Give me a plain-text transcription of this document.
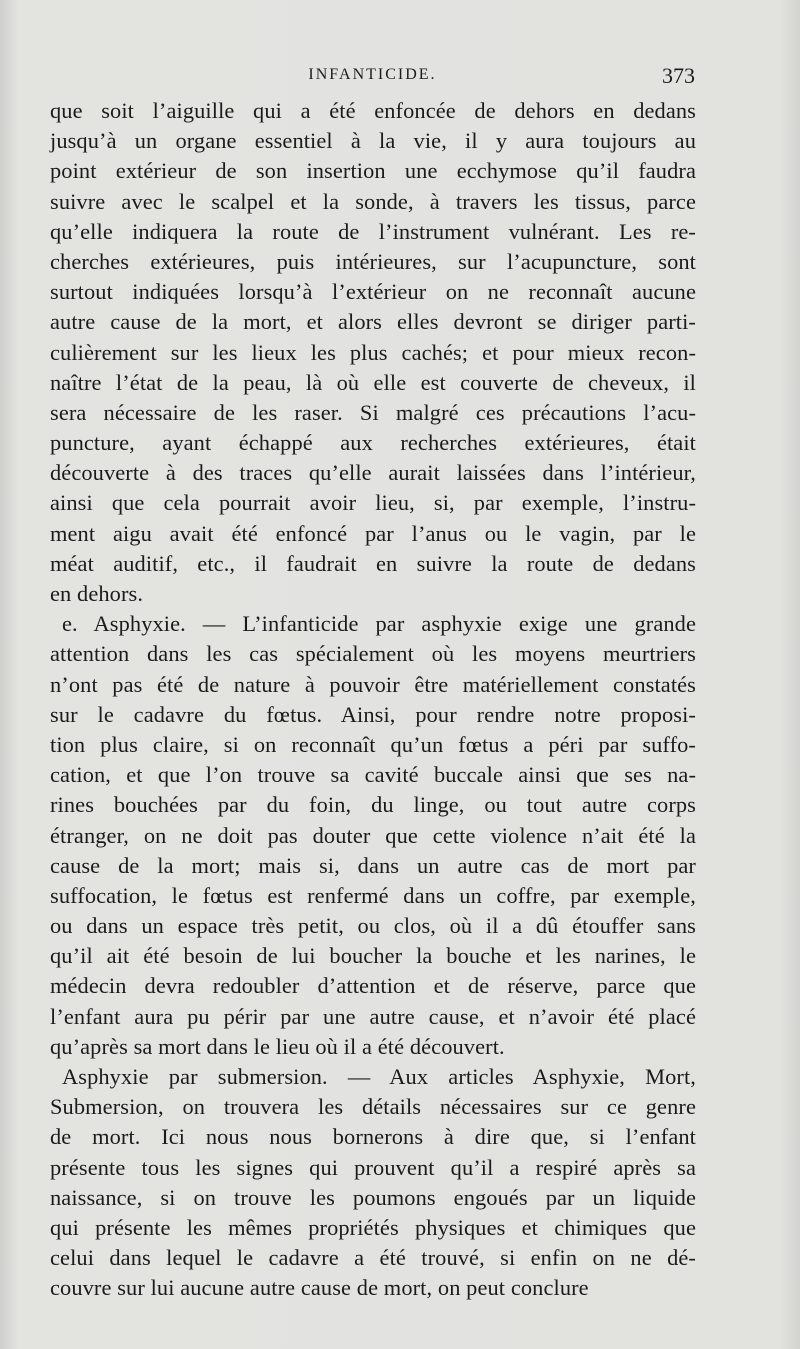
INFANTICIDE.	373
que soit l’aiguille qui a été enfoncée de dehors en dedans
jusqu’à un organe essentiel à la vie, il y aura toujours au
point extérieur de son insertion une ecchymose qu’il faudra
suivre avec le scalpel et la sonde, à travers les tissus, parce
qu’elle indiquera la route de l’instrument vulnérant. Les re-
cherches extérieures, puis intérieures, sur l’acupuncture, sont
surtout indiquées lorsqu’à l’extérieur on ne reconnaît aucune
autre cause de la mort, et alors elles devront se diriger parti-
culièrement sur les lieux les plus cachés; et pour mieux recon-
naître l’état de la peau, là où elle est couverte de cheveux, il
sera nécessaire de les raser. Si malgré ces précautions l’acu-
puncture, ayant échappé aux recherches extérieures, était
découverte à des traces qu’elle aurait laissées dans l’intérieur,
ainsi que cela pourrait avoir lieu, si, par exemple, l’instru-
ment aigu avait été enfoncé par l’anus ou le vagin, par le
méat auditif, etc., il faudrait en suivre la route de dedans
en dehors.
e. Asphyxie. — L’infanticide par asphyxie exige une grande
attention dans les cas spécialement où les moyens meurtriers
n’ont pas été de nature à pouvoir être matériellement constatés
sur le cadavre du fœtus. Ainsi, pour rendre notre proposi-
tion plus claire, si on reconnaît qu’un fœtus a péri par suffo-
cation, et que l’on trouve sa cavité buccale ainsi que ses na-
rines bouchées par du foin, du linge, ou tout autre corps
étranger, on ne doit pas douter que cette violence n’ait été la
cause de la mort; mais si, dans un autre cas de mort par
suffocation, le fœtus est renfermé dans un coffre, par exemple,
ou dans un espace très petit, ou clos, où il a dû étouffer sans
qu’il ait été besoin de lui boucher la bouche et les narines, le
médecin devra redoubler d’attention et de réserve, parce que
l’enfant aura pu périr par une autre cause, et n’avoir été placé
qu’après sa mort dans le lieu où il a été découvert.
Asphyxie par submersion. — Aux articles Asphyxie, Mort,
Submersion, on trouvera les détails nécessaires sur ce genre
de mort. Ici nous nous bornerons à dire que, si l’enfant
présente tous les signes qui prouvent qu’il a respiré après sa
naissance, si on trouve les poumons engoués par un liquide
qui présente les mêmes propriétés physiques et chimiques que
celui dans lequel le cadavre a été trouvé, si enfin on ne dé-
couvre sur lui aucune autre cause de mort, on peut conclure
